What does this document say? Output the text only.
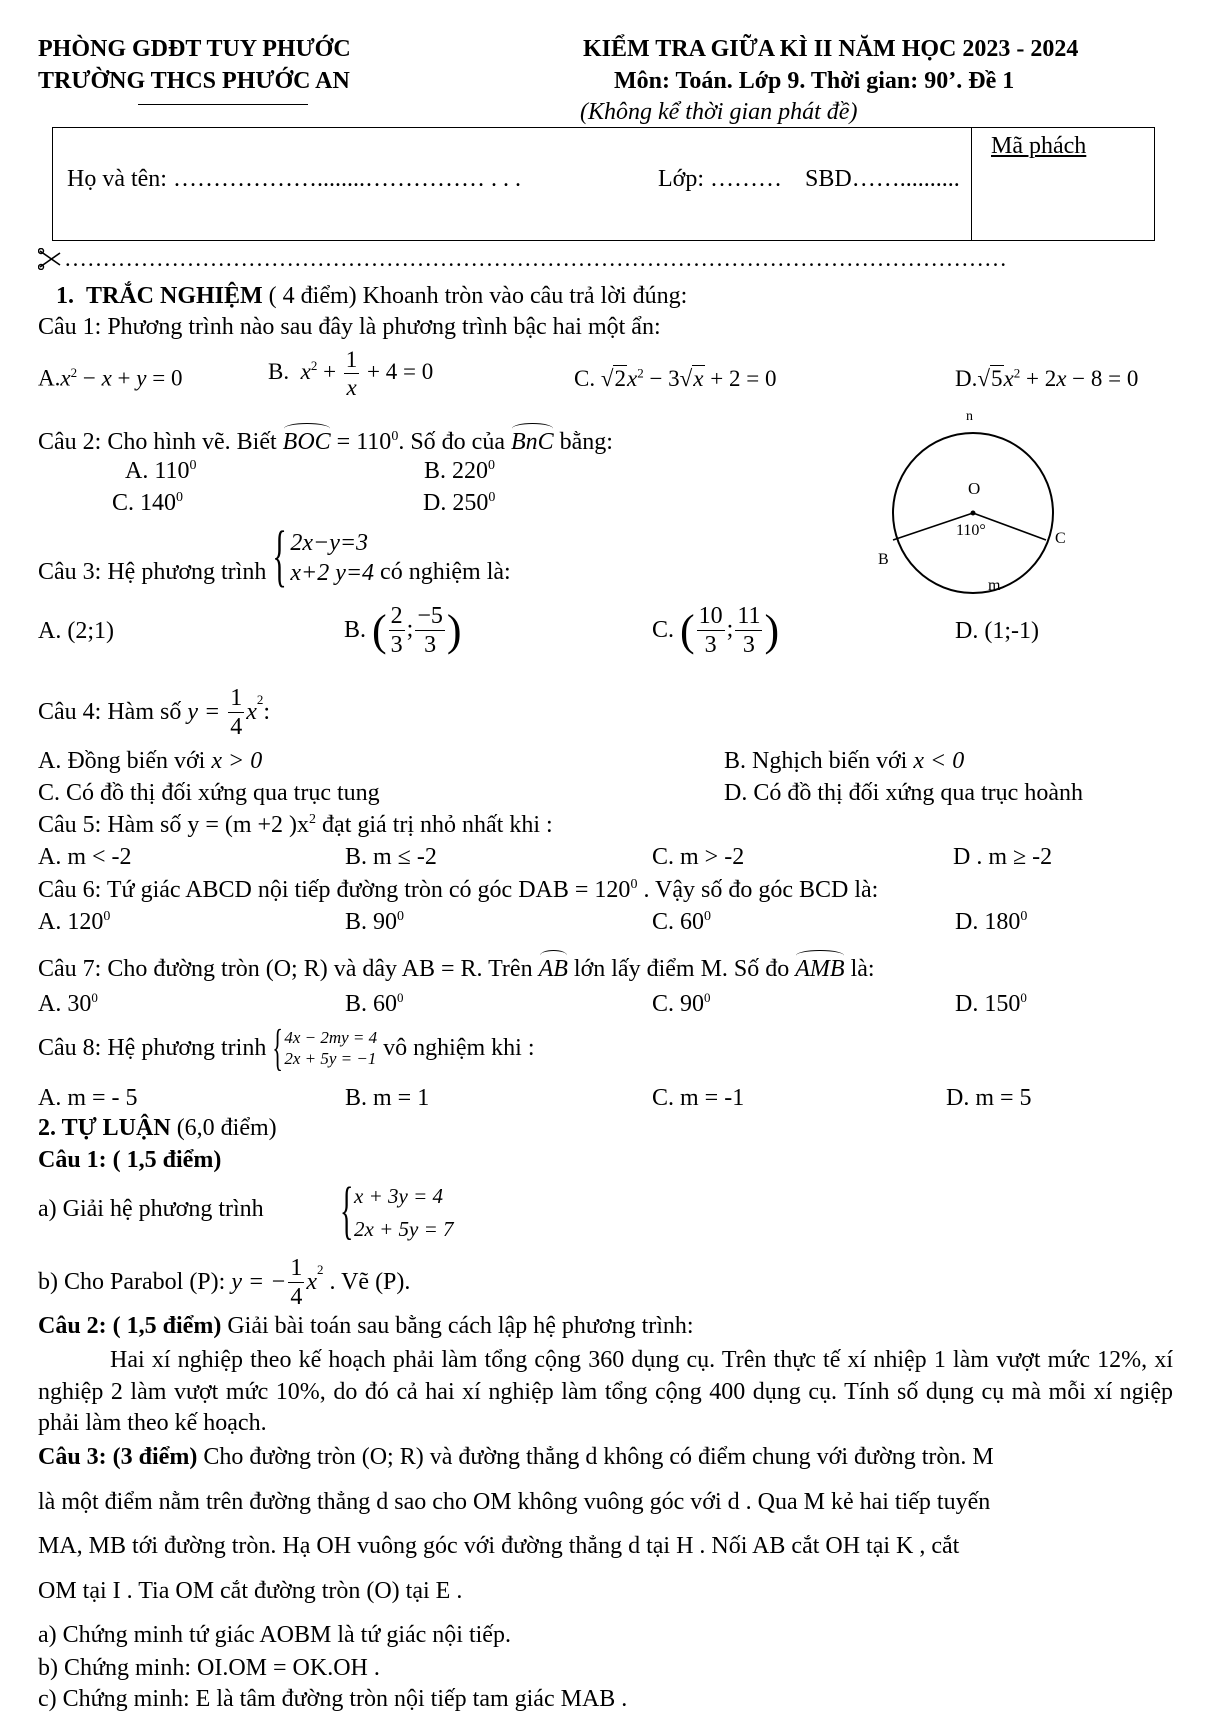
PHÒNG GDĐT TUY PHƯỚC
TRƯỜNG THCS PHƯỚC AN
KIỂM TRA GIỮA KÌ II NĂM HỌC 2023 - 2024
Môn: Toán. Lớp 9. Thời gian: 90’. Đề 1
(Không kể thời gian phát đề)
Họ và tên: ………………........…………… . . .	Lớp: ……… SBD……..........
Mã phách
……………………………………………………………………………………………………………
1. TRẮC NGHIỆM ( 4 điểm) Khoanh tròn vào câu trả lời đúng:
Câu 1: Phương trình nào sau đây là phương trình bậc hai một ẩn:
$A.x^2 - x + y = 0$	B. $x^2 + \frac{1}{x} + 4 = 0$	C. $√2x^2 - 3√x + 2 = 0$	$D.√5x^2 + 2x - 8 = 0$
Câu 2: Cho hình vẽ. Biết BOC = $110^0$. Số đo của BnC bằng:
A. $110^0$	B. $220^0$
C. $140^0$	D. $250^0$
n
O
110°
B
C
m
Câu 3: Hệ phương trình { 2x−y=3
x+2 y=4 có nghiệm là:
A. (2;1)	B. ( $\frac{2}{3}$ ; $\frac{-5}{3}$ )	C. ( $\frac{10}{3}$ ; $\frac{11}{3}$ )	D. (1;-1)
Câu 4: Hàm số $y = \frac{1}{4} x^2$:
A. Đồng biến với x > 0	B. Nghịch biến với x < 0
C. Có đồ thị đối xứng qua trục tung	D. Có đồ thị đối xứng qua trục hoành
Câu 5: Hàm số y = (m +2 )$x^2$ đạt giá trị nhỏ nhất khi :
A. m < -2	B. m ≤ -2	C. m > -2	D . m ≥ -2
Câu 6: Tứ giác ABCD nội tiếp đường tròn có góc DAB = $120^0$ . Vậy số đo góc BCD là:
A. $120^0$	B. $90^0$	C. $60^0$	D. $180^0$
Câu 7: Cho đường tròn (O; R) và dây AB = R. Trên AB lớn lấy điểm M. Số đo AMB là:
A. $30^0$	B. $60^0$	C. $90^0$	D. $150^0$
Câu 8: Hệ phương trinh { 4x − 2my = 4
2x + 5y = −1 vô nghiệm khi :
A. m = - 5	B. m = 1	C. m = -1	D. m = 5
2. TỰ LUẬN (6,0 điểm)
Câu 1: ( 1,5 điểm)
a) Giải hệ phương trình	{ x + 3y = 4
2x + 5y = 7
b) Cho Parabol (P): y = − $\frac{1}{4} x^2$ . Vẽ (P).
Câu 2: ( 1,5 điểm) Giải bài toán sau bằng cách lập hệ phương trình:
Hai xí nghiệp theo kế hoạch phải làm tổng cộng 360 dụng cụ. Trên thực tế xí nhiệp 1 làm vượt mức 12%, xí nghiệp 2 làm vượt mức 10%, do đó cả hai xí nghiệp làm tổng cộng 400 dụng cụ. Tính số dụng cụ mà mỗi xí ngiệp phải làm theo kế hoạch.
Câu 3: (3 điểm) Cho đường tròn (O; R) và đường thẳng d không có điểm chung với đường tròn. M
là một điểm nằm trên đường thẳng d sao cho OM không vuông góc với d . Qua M kẻ hai tiếp tuyến
MA, MB tới đường tròn. Hạ OH vuông góc với đường thẳng d tại H . Nối AB cắt OH tại K , cắt
OM tại I . Tia OM cắt đường tròn (O) tại E .
a) Chứng minh tứ giác AOBM là tứ giác nội tiếp.
b) Chứng minh: OI.OM = OK.OH .
c) Chứng minh: E là tâm đường tròn nội tiếp tam giác MAB .
